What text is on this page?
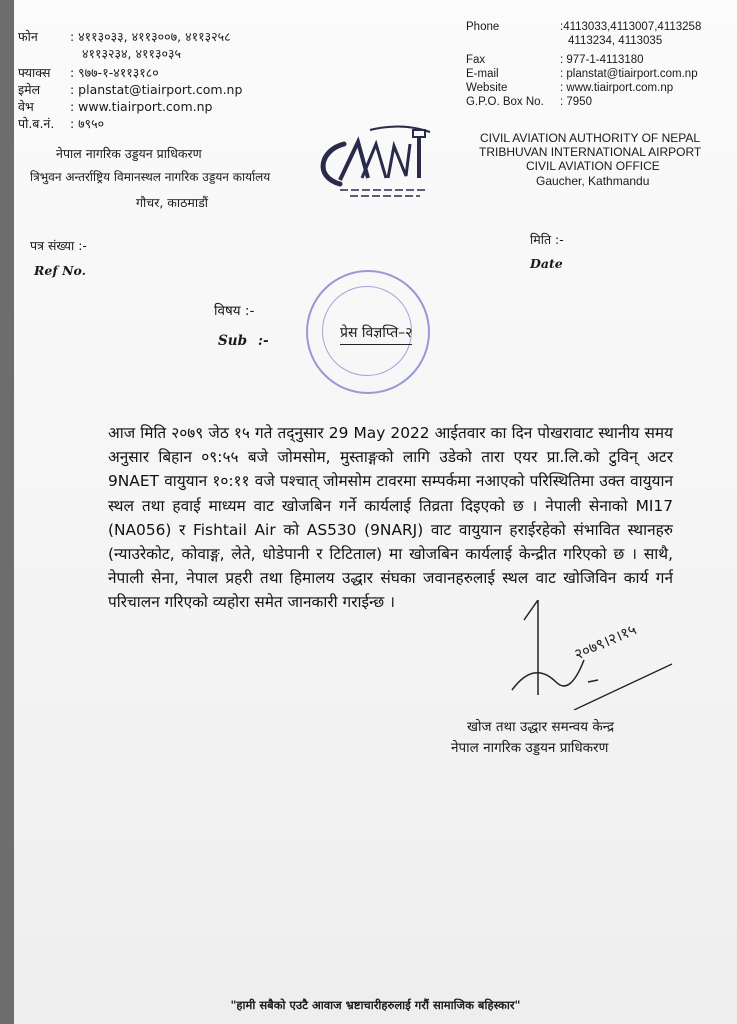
फोन	: ४११३०३३, ४११३००७, ४११३२५८
	४११३२३४, ४११३०३५
फ्याक्स	: ९७७-१-४११३१८०
इमेल	: planstat@tiairport.com.np
वेभ	: www.tiairport.com.np
पो.ब.नं.	: ७९५०
नेपाल नागरिक उड्डयन प्राधिकरण
त्रिभुवन अन्तर्राष्ट्रिय विमानस्थल नागरिक उड्डयन कार्यालय
गौचर, काठमाडौं
Phone	:4113033,4113007,4113258
	4113234, 4113035
Fax	: 977-1-4113180
E-mail	: planstat@tiairport.com.np
Website	: www.tiairport.com.np
G.P.O. Box No.	: 7950
CIVIL AVIATION AUTHORITY OF NEPAL
TRIBHUVAN INTERNATIONAL AIRPORT
CIVIL AVIATION OFFICE
Gaucher, Kathmandu
पत्र संख्या :-
Ref No.
मिति :-
Date
विषय :-
Sub :-	प्रेस विज्ञप्ति–२
आज मिति २०७९ जेठ १५ गते तद्नुसार 29 May 2022 आईतवार का दिन पोखरावाट स्थानीय समय अनुसार बिहान ०९:५५ बजे जोमसोम, मुस्ताङ्गको लागि उडेको तारा एयर प्रा.लि.को टुविन् अटर 9NAET वायुयान १०:११ वजे पश्चात् जोमसोम टावरमा सम्पर्कमा नआएको परिस्थितिमा उक्त वायुयान स्थल तथा हवाई माध्यम वाट खोजबिन गर्ने कार्यलाई तिव्रता दिइएको छ । नेपाली सेनाको MI17 (NA056) र Fishtail Air को AS530 (9NARJ) वाट वायुयान हराईरहेको संभावित स्थानहरु (न्याउरेकोट, कोवाङ्ग, लेते, धोडेपानी र टिटिताल) मा खोजबिन कार्यलाई केन्द्रीत गरिएको छ । साथै, नेपाली सेना, नेपाल प्रहरी तथा हिमालय उद्धार संघका जवानहरुलाई स्थल वाट खोजिविन कार्य गर्न परिचालन गरिएको व्यहोरा समेत जानकारी गराईन्छ ।
२०७९।२।१५
खोज तथा उद्धार समन्वय केन्द्र
नेपाल नागरिक उड्डयन प्राधिकरण
"हामी सबैको एउटै आवाज भ्रष्टाचारीहरुलाई गरौं सामाजिक बहिस्कार"
